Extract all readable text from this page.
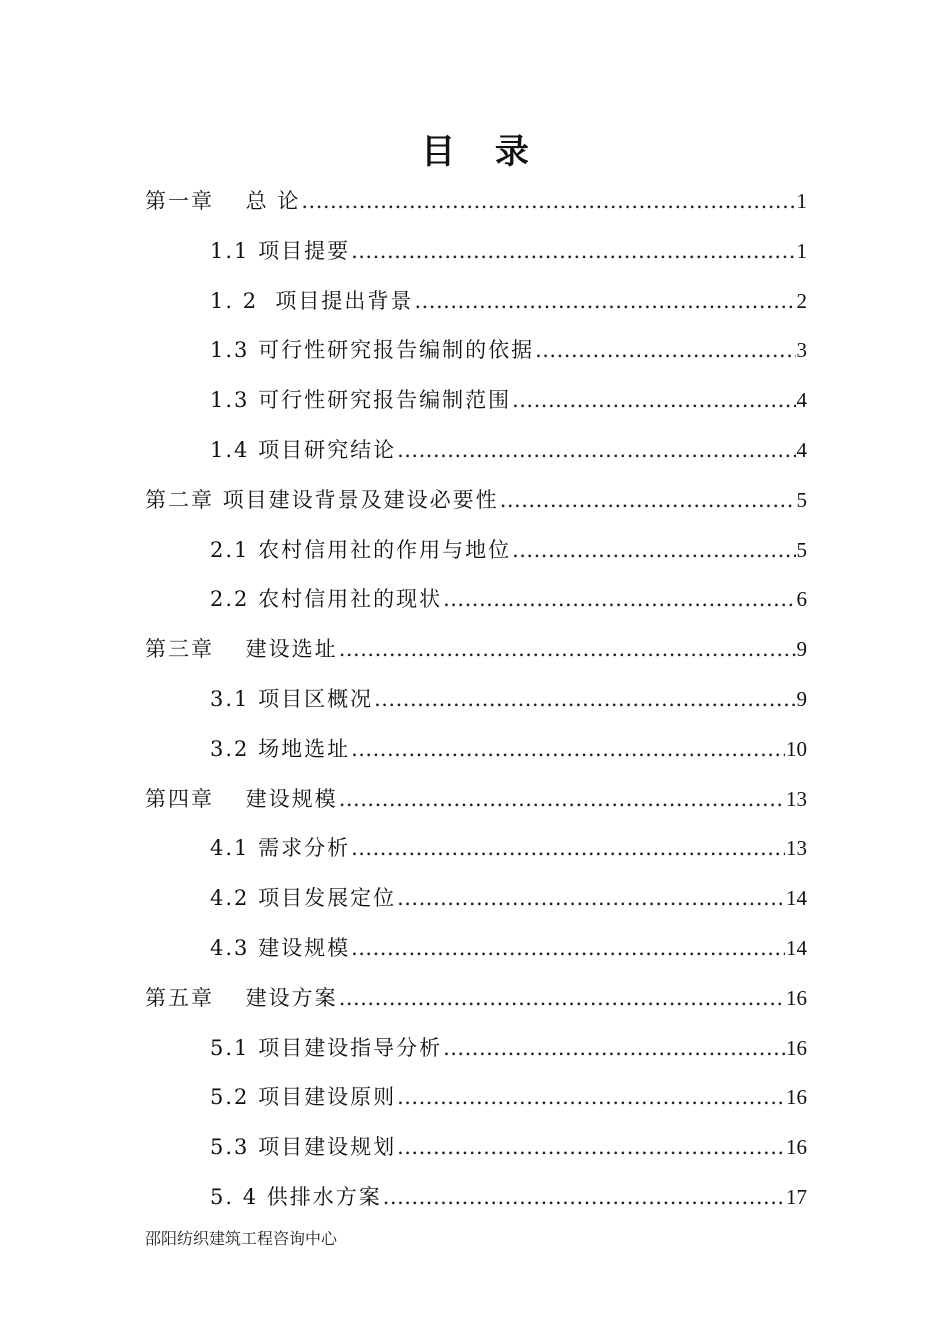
目 录
第一章　 总 论 .....	1
1.1 项目提要 .....	1
1. 2  项目提出背景 .....	2
1.3 可行性研究报告编制的依据 .....	3
1.3 可行性研究报告编制范围 .....	4
1.4 项目研究结论 .....	4
第二章 项目建设背景及建设必要性 .....	5
2.1 农村信用社的作用与地位 .....	5
2.2 农村信用社的现状 .....	6
第三章　 建设选址 .....	9
3.1 项目区概况 .....	9
3.2 场地选址 .....	10
第四章　 建设规模 .....	13
4.1 需求分析 .....	13
4.2 项目发展定位 .....	14
4.3 建设规模 .....	14
第五章　 建设方案 .....	16
5.1 项目建设指导分析 .....	16
5.2 项目建设原则 .....	16
5.3 项目建设规划 .....	16
5. 4 供排水方案 .....	17
邵阳纺织建筑工程咨询中心
